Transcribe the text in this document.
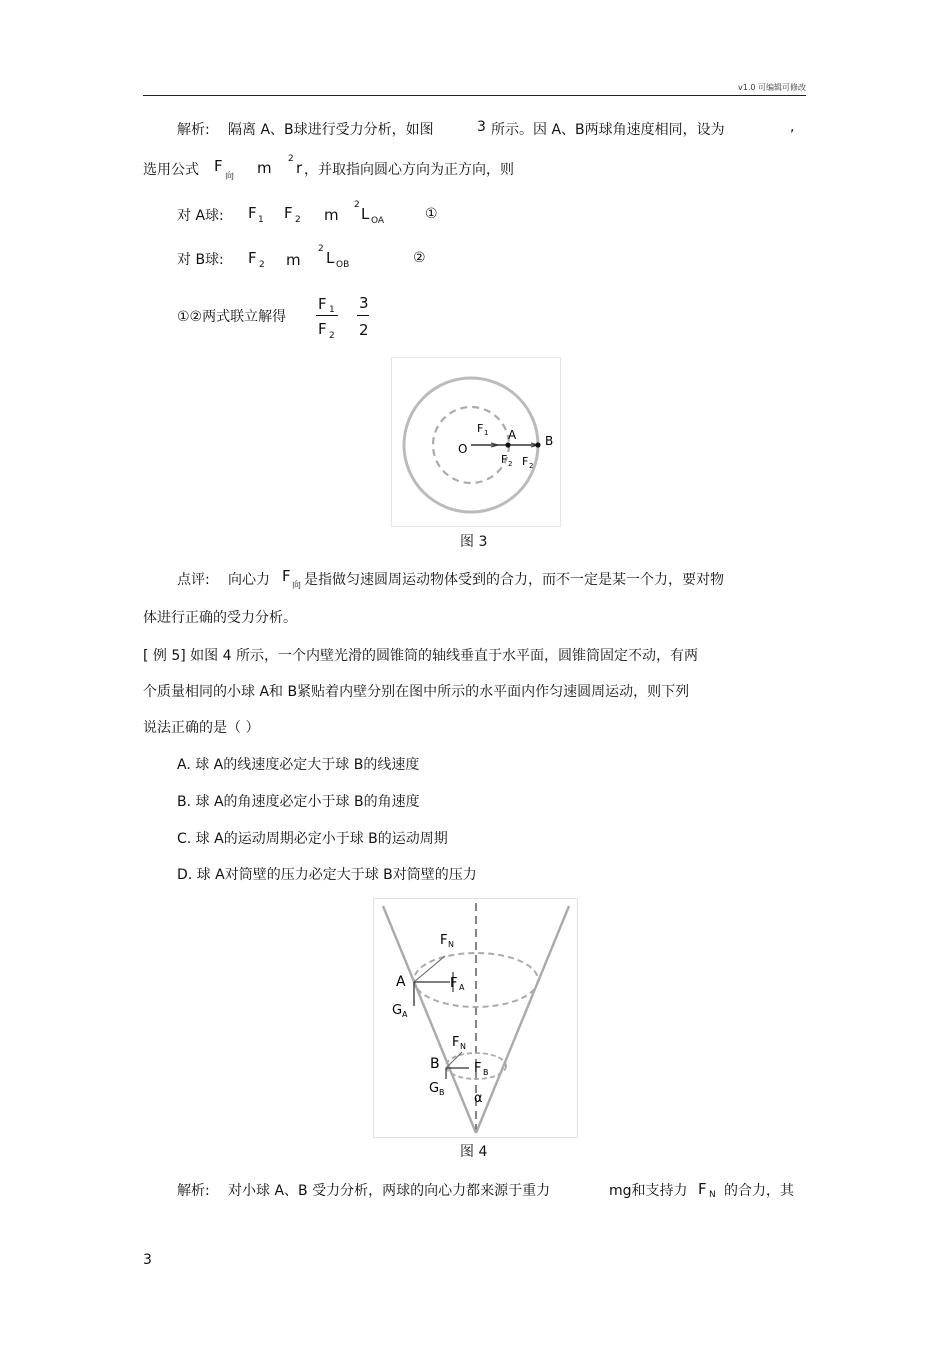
v1.0 可编辑可修改
解析: 隔离 A、B球进行受力分析，如图	3 所示。因 A、B两球角速度相同，设为	,
选用公式 F
向 m 2 r ，并取指向圆心方向为正方向，则
对 A球: F 1 F 2 m
2 L OA	①
对 B球: F 2 m
2 L OB	②
①②两式联立解得
F 1
F 2
3
2
O
A B
F 1
F 2 F 2
图 3
点评: 向心力 F
向 是指做匀速圆周运动物体受到的合力，而不一定是某一个力，要对物
体进行正确的受力分析。
[ 例 5] 如图 4 所示，一个内壁光滑的圆锥筒的轴线垂直于水平面，圆锥筒固定不动，有两
个质量相同的小球 A和 B紧贴着内壁分别在图中所示的水平面内作匀速圆周运动，则下列
说法正确的是（ ）
A. 球 A的线速度必定大于球 B的线速度
B. 球 A的角速度必定小于球 B的角速度
C. 球 A的运动周期必定小于球 B的运动周期
D. 球 A对筒壁的压力必定大于球 B对筒壁的压力
F N
A	F A
G A
F N
B	F B
G B α
图 4
解析: 对小球 A、B 受力分析，两球的向心力都来源于重力	mg和支持力 F N 的合力，其
3
